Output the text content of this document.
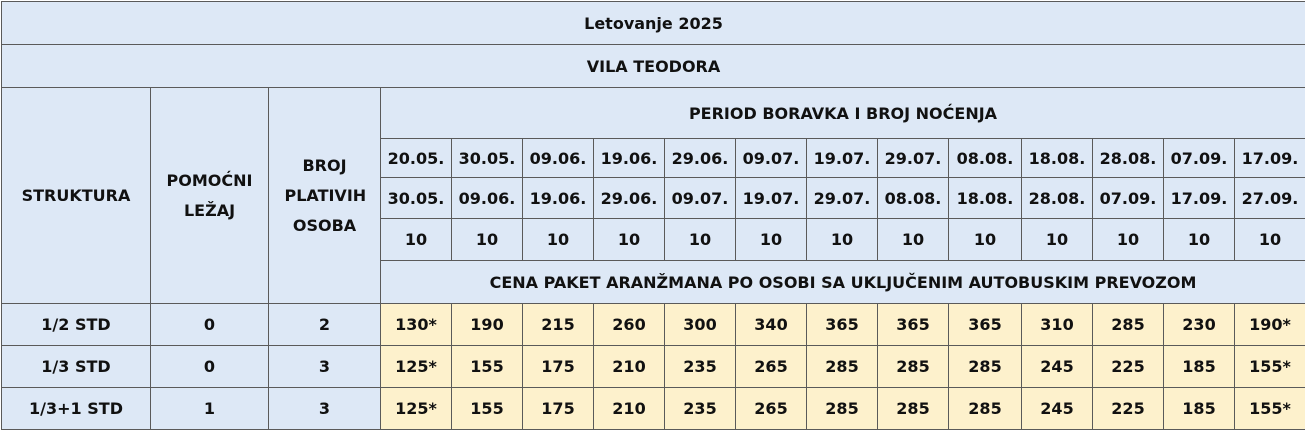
Letovanje 2025															
VILA TEODORA															
STRUKTURA	POMOĆNI LEŽAJ	BROJ PLATIVIH OSOBA	PERIOD BORAVKA I BROJ NOĆENJA												
			20.05.	30.05.	09.06.	19.06.	29.06.	09.07.	19.07.	29.07.	08.08.	18.08.	28.08.	07.09.	17.09.
			30.05.	09.06.	19.06.	29.06.	09.07.	19.07.	29.07.	08.08.	18.08.	28.08.	07.09.	17.09.	27.09.
			10	10	10	10	10	10	10	10	10	10	10	10	10
			CENA PAKET ARANŽMANA PO OSOBI SA UKLJUČENIM AUTOBUSKIM PREVOZOM												
1/2 STD	0	2	130*	190	215	260	300	340	365	365	365	310	285	230	190*
1/3 STD	0	3	125*	155	175	210	235	265	285	285	285	245	225	185	155*
1/3+1 STD	1	3	125*	155	175	210	235	265	285	285	285	245	225	185	155*
